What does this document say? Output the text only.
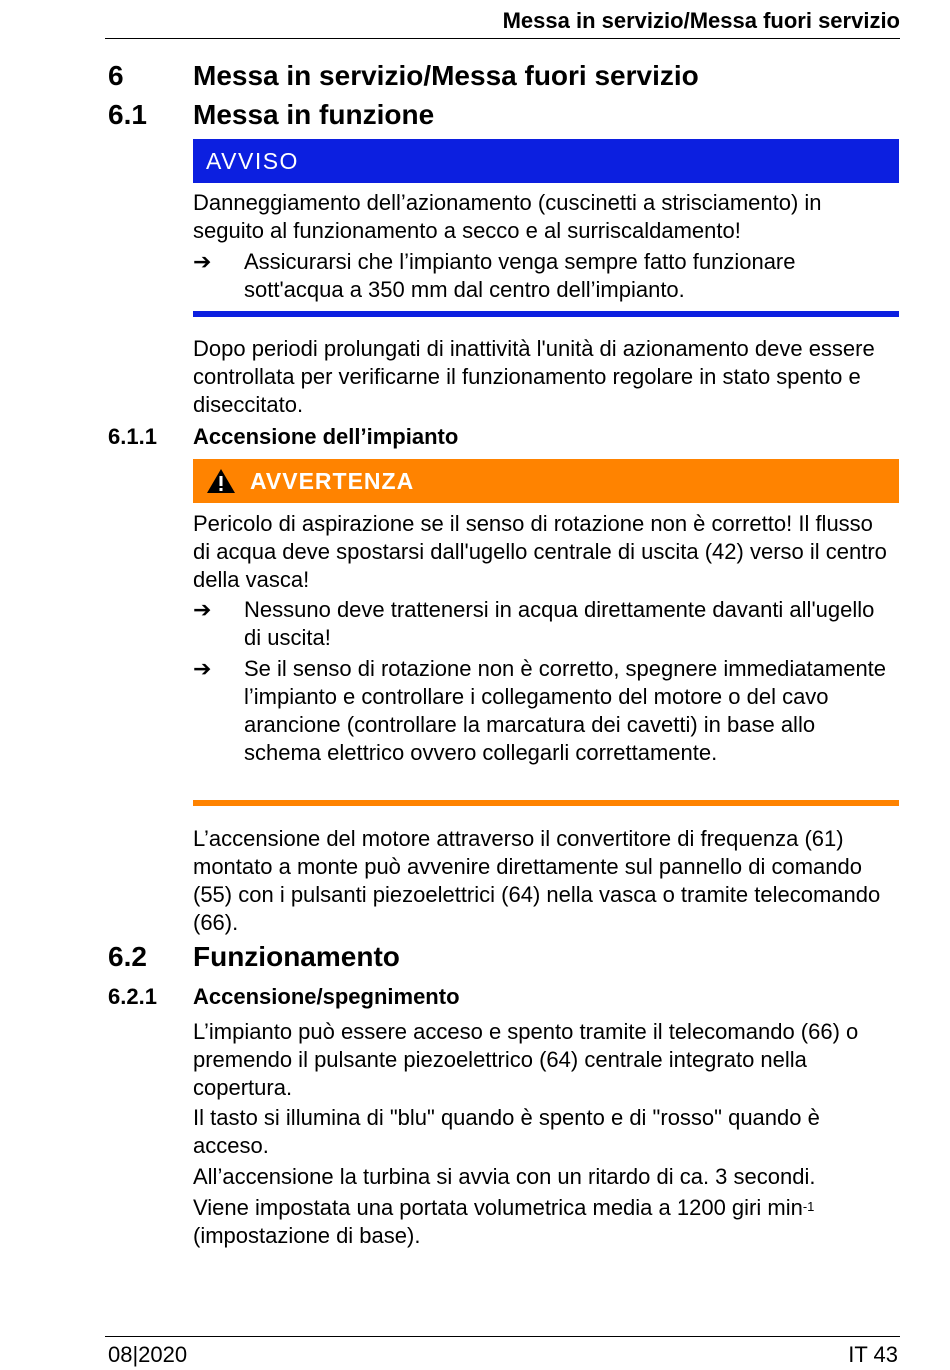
Messa in servizio/Messa fuori servizio
6 Messa in servizio/Messa fuori servizio
6.1 Messa in funzione
AVVISO
Danneggiamento dell’azionamento (cuscinetti a strisciamento) in seguito al funzionamento a secco e al surriscaldamento!
➔	Assicurarsi che l’impianto venga sempre fatto funzionare sott'acqua a 350 mm dal centro dell’impianto.
Dopo periodi prolungati di inattività l'unità di azionamento deve essere controllata per verificarne il funzionamento regolare in stato spento e diseccitato.
6.1.1 Accensione dell’impianto
AVVERTENZA
Pericolo di aspirazione se il senso di rotazione non è corretto! Il flusso di acqua deve spostarsi dall'ugello centrale di uscita (42) verso il centro della vasca!
➔	Nessuno deve trattenersi in acqua direttamente davanti all'ugello di uscita!
➔	Se il senso di rotazione non è corretto, spegnere immediatamente l’impianto e controllare i collegamento del motore o del cavo arancione (controllare la marcatura dei cavetti) in base allo schema elettrico ovvero collegarli correttamente.
L’accensione del motore attraverso il convertitore di frequenza (61) montato a monte può avvenire direttamente sul pannello di comando (55) con i pulsanti piezoelettrici (64) nella vasca o tramite telecomando (66).
6.2 Funzionamento
6.2.1 Accensione/spegnimento
L’impianto può essere acceso e spento tramite il telecomando (66) o premendo il pulsante piezoelettrico (64) centrale integrato nella copertura.
Il tasto si illumina di "blu" quando è spento e di "rosso" quando è acceso.
All’accensione la turbina si avvia con un ritardo di ca. 3 secondi.
Viene impostata una portata volumetrica media a 1200 giri $\min^{-1}$
(impostazione di base).
08|2020	IT 43
